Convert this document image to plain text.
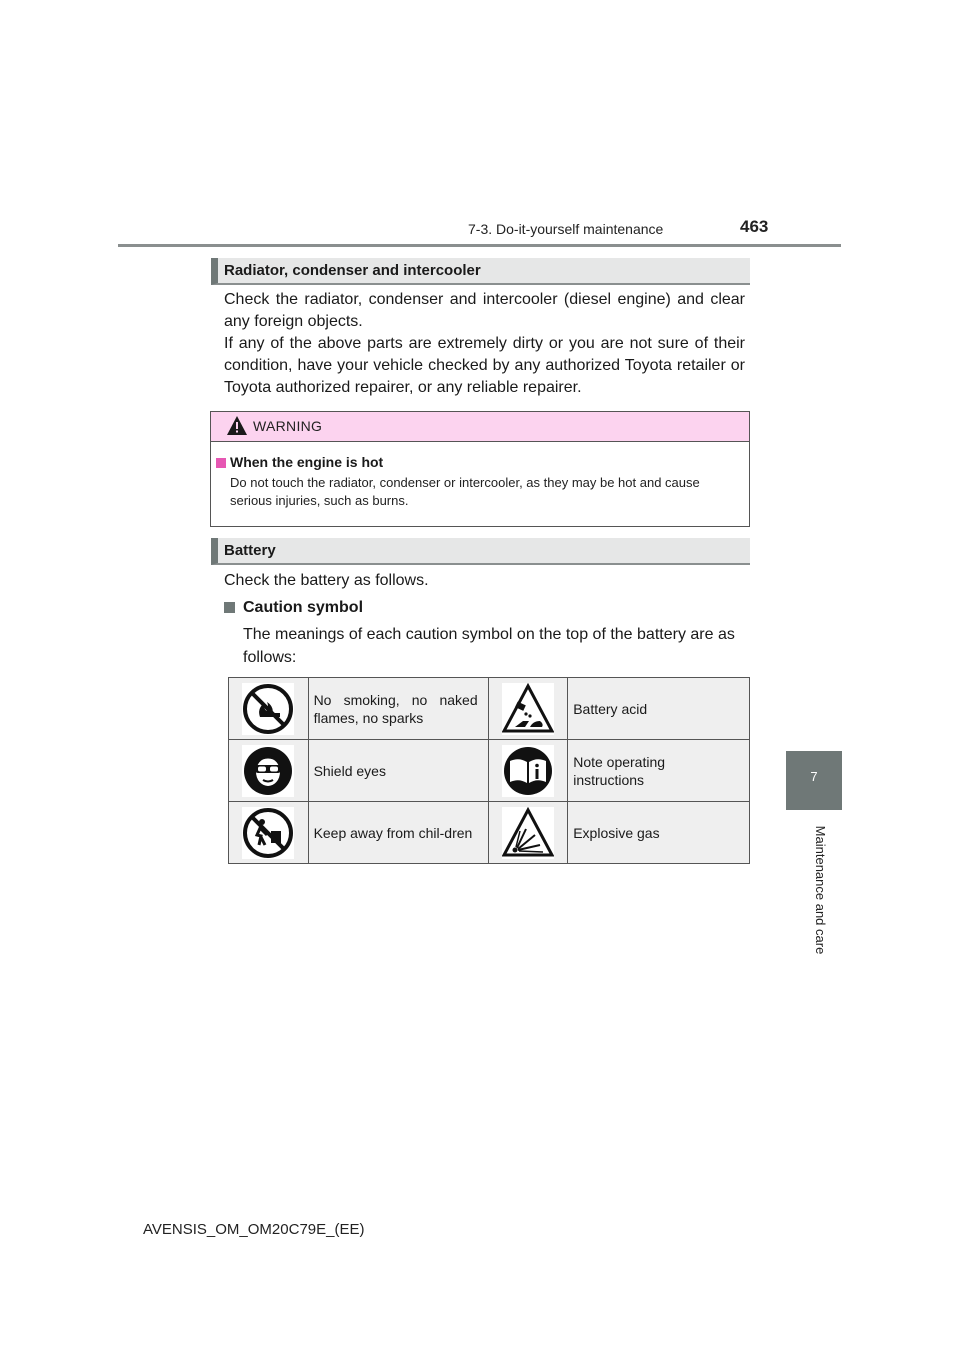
7-3. Do-it-yourself maintenance	463
7
Maintenance and care
Radiator, condenser and intercooler
Check the radiator, condenser and intercooler (diesel engine) and clear any foreign objects.
If any of the above parts are extremely dirty or you are not sure of their condition, have your vehicle checked by any authorized Toyota retailer or Toyota authorized repairer, or any reliable repairer.
WARNING
When the engine is hot
Do not touch the radiator, condenser or intercooler, as they may be hot and cause serious injuries, such as burns.
Battery
Check the battery as follows.
Caution symbol
The meanings of each caution symbol on the top of the battery are as follows:
	No smoking, no naked flames, no sparks		Battery acid

	Shield eyes		Note operating instructions

	Keep away from chil-dren		Explosive gas
AVENSIS_OM_OM20C79E_(EE)
